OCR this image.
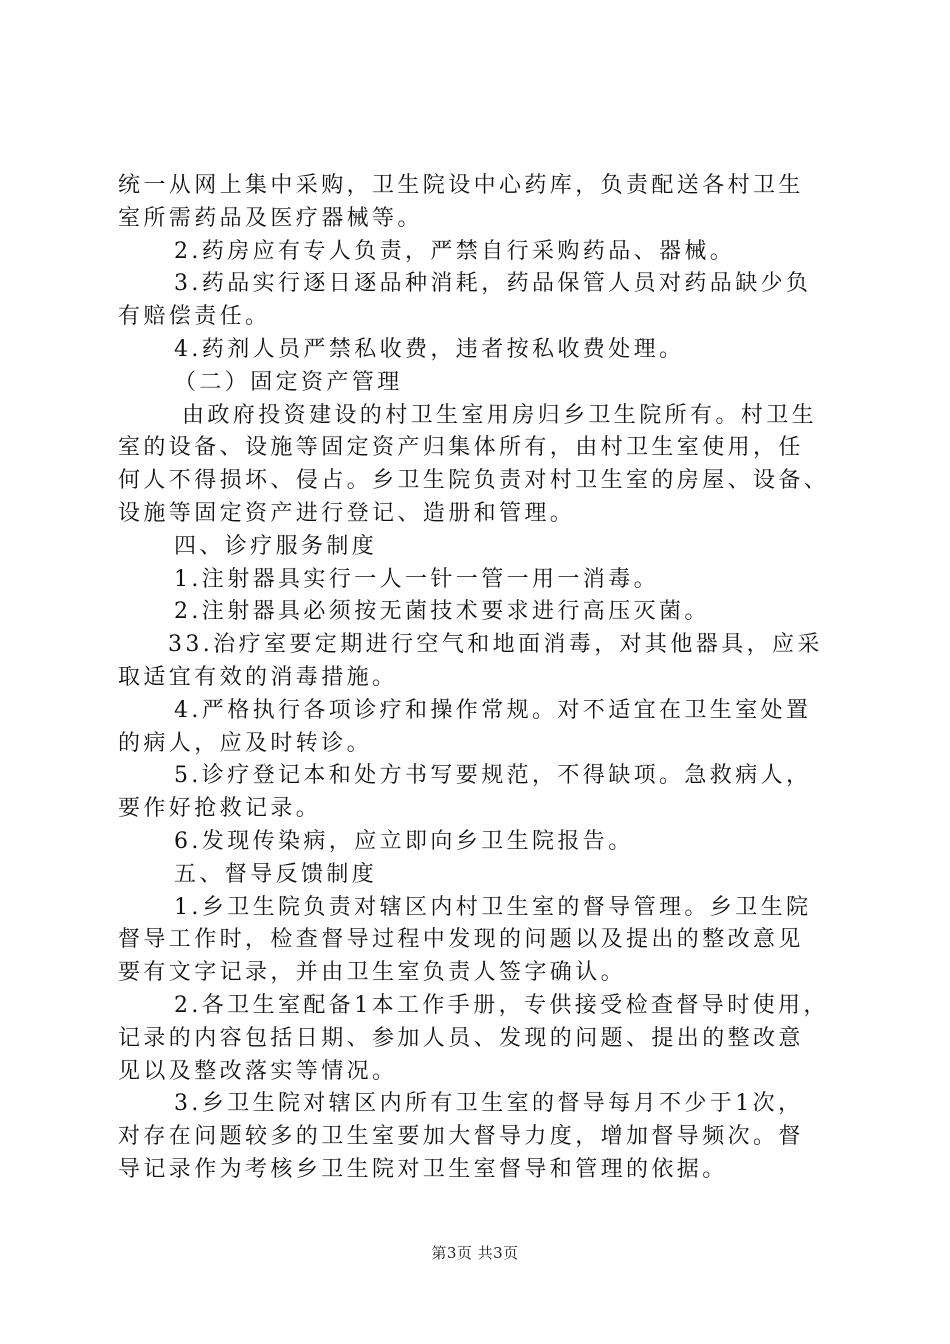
统一从网上集中采购，卫生院设中心药库，负责配送各村卫生
室所需药品及医疗器械等。
2.药房应有专人负责，严禁自行采购药品、器械。
3.药品实行逐日逐品种消耗，药品保管人员对药品缺少负
有赔偿责任。
4.药剂人员严禁私收费，违者按私收费处理。
（二）固定资产管理
由政府投资建设的村卫生室用房归乡卫生院所有。村卫生
室的设备、设施等固定资产归集体所有，由村卫生室使用，任
何人不得损坏、侵占。乡卫生院负责对村卫生室的房屋、设备、
设施等固定资产进行登记、造册和管理。
四、诊疗服务制度
1.注射器具实行一人一针一管一用一消毒。
2.注射器具必须按无菌技术要求进行高压灭菌。
33.治疗室要定期进行空气和地面消毒，对其他器具，应采
取适宜有效的消毒措施。
4.严格执行各项诊疗和操作常规。对不适宜在卫生室处置
的病人，应及时转诊。
5.诊疗登记本和处方书写要规范，不得缺项。急救病人，
要作好抢救记录。
6.发现传染病，应立即向乡卫生院报告。
五、督导反馈制度
1.乡卫生院负责对辖区内村卫生室的督导管理。乡卫生院
督导工作时，检查督导过程中发现的问题以及提出的整改意见
要有文字记录，并由卫生室负责人签字确认。
2.各卫生室配备1本工作手册，专供接受检查督导时使用，
记录的内容包括日期、参加人员、发现的问题、提出的整改意
见以及整改落实等情况。
3.乡卫生院对辖区内所有卫生室的督导每月不少于1次，
对存在问题较多的卫生室要加大督导力度，增加督导频次。督
导记录作为考核乡卫生院对卫生室督导和管理的依据。
第3页 共3页
